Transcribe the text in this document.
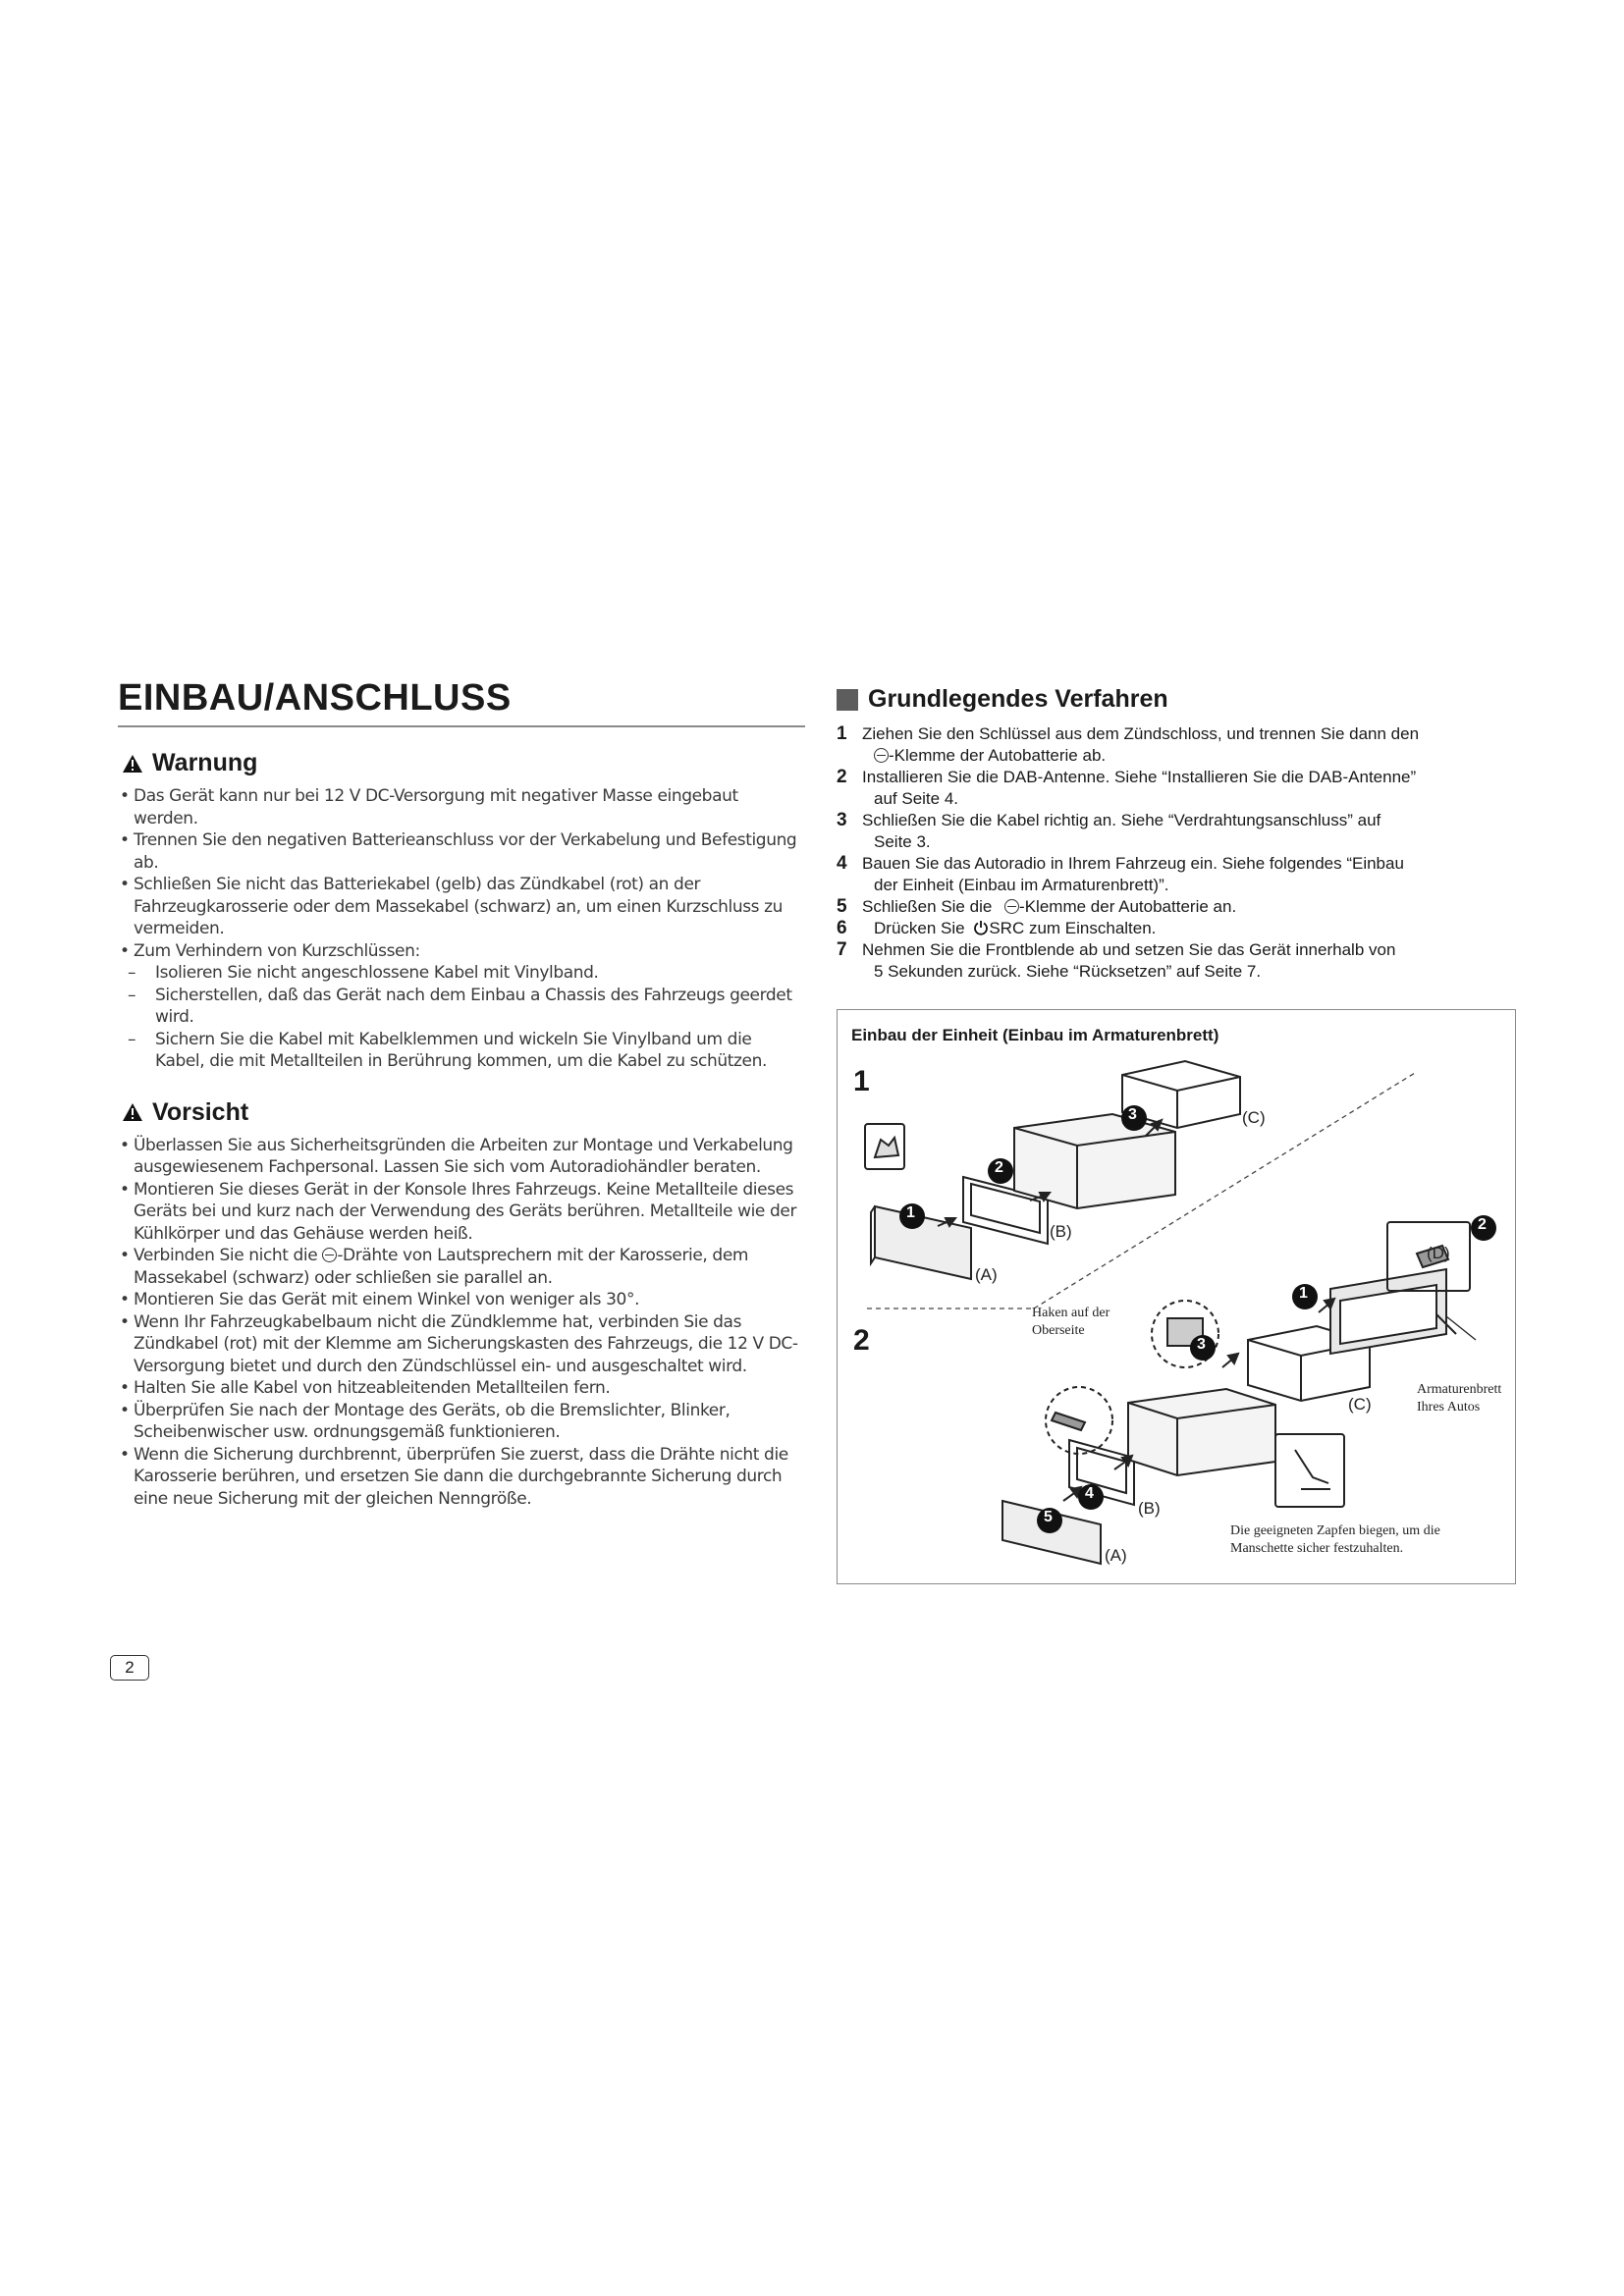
EINBAU/ANSCHLUSS
Warnung
• Das Gerät kann nur bei 12 V DC-Versorgung mit negativer Masse eingebaut werden.
• Trennen Sie den negativen Batterieanschluss vor der Verkabelung und Befestigung ab.
• Schließen Sie nicht das Batteriekabel (gelb) das Zündkabel (rot) an der Fahrzeugkarosserie oder dem Massekabel (schwarz) an, um einen Kurzschluss zu vermeiden.
• Zum Verhindern von Kurzschlüssen:
– Isolieren Sie nicht angeschlossene Kabel mit Vinylband.
– Sicherstellen, daß das Gerät nach dem Einbau a Chassis des Fahrzeugs geerdet wird.
– Sichern Sie die Kabel mit Kabelklemmen und wickeln Sie Vinylband um die Kabel, die mit Metallteilen in Berührung kommen, um die Kabel zu schützen.
Vorsicht
• Überlassen Sie aus Sicherheitsgründen die Arbeiten zur Montage und Verkabelung ausgewiesenem Fachpersonal. Lassen Sie sich vom Autoradiohändler beraten.
• Montieren Sie dieses Gerät in der Konsole Ihres Fahrzeugs. Keine Metallteile dieses Geräts bei und kurz nach der Verwendung des Geräts berühren. Metallteile wie der Kühlkörper und das Gehäuse werden heiß.
• Verbinden Sie nicht die -Drähte von Lautsprechern mit der Karosserie, dem Massekabel (schwarz) oder schließen sie parallel an.
• Montieren Sie das Gerät mit einem Winkel von weniger als 30°.
• Wenn Ihr Fahrzeugkabelbaum nicht die Zündklemme hat, verbinden Sie das Zündkabel (rot) mit der Klemme am Sicherungskasten des Fahrzeugs, die 12 V DC-Versorgung bietet und durch den Zündschlüssel ein- und ausgeschaltet wird.
• Halten Sie alle Kabel von hitzeableitenden Metallteilen fern.
• Überprüfen Sie nach der Montage des Geräts, ob die Bremslichter, Blinker, Scheibenwischer usw. ordnungsgemäß funktionieren.
• Wenn die Sicherung durchbrennt, überprüfen Sie zuerst, dass die Drähte nicht die Karosserie berühren, und ersetzen Sie dann die durchgebrannte Sicherung durch eine neue Sicherung mit der gleichen Nenngröße.
Grundlegendes Verfahren
1 Ziehen Sie den Schlüssel aus dem Zündschloss, und trennen Sie dann den
-Klemme der Autobatterie ab.
2 Installieren Sie die DAB-Antenne. Siehe “Installieren Sie die DAB-Antenne”
auf Seite 4.
3 Schließen Sie die Kabel richtig an. Siehe “Verdrahtungsanschluss” auf
Seite 3.
4 Bauen Sie das Autoradio in Ihrem Fahrzeug ein. Siehe folgendes “Einbau
der Einheit (Einbau im Armaturenbrett)”.
5 Schließen Sie die -Klemme der Autobatterie an.
6 Drücken Sie SRC zum Einschalten.
7 Nehmen Sie die Frontblende ab und setzen Sie das Gerät innerhalb von
5 Sekunden zurück. Siehe “Rücksetzen” auf Seite 7.
Einbau der Einheit (Einbau im Armaturenbrett)
1
2
1
2
3
1
2
3
4
5
(A)
(B)
(C)
(D)
(A)
(B)
(C)
Haken auf der
Oberseite
Armaturenbrett
Ihres Autos
Die geeigneten Zapfen biegen, um die
Manschette sicher festzuhalten.
2
